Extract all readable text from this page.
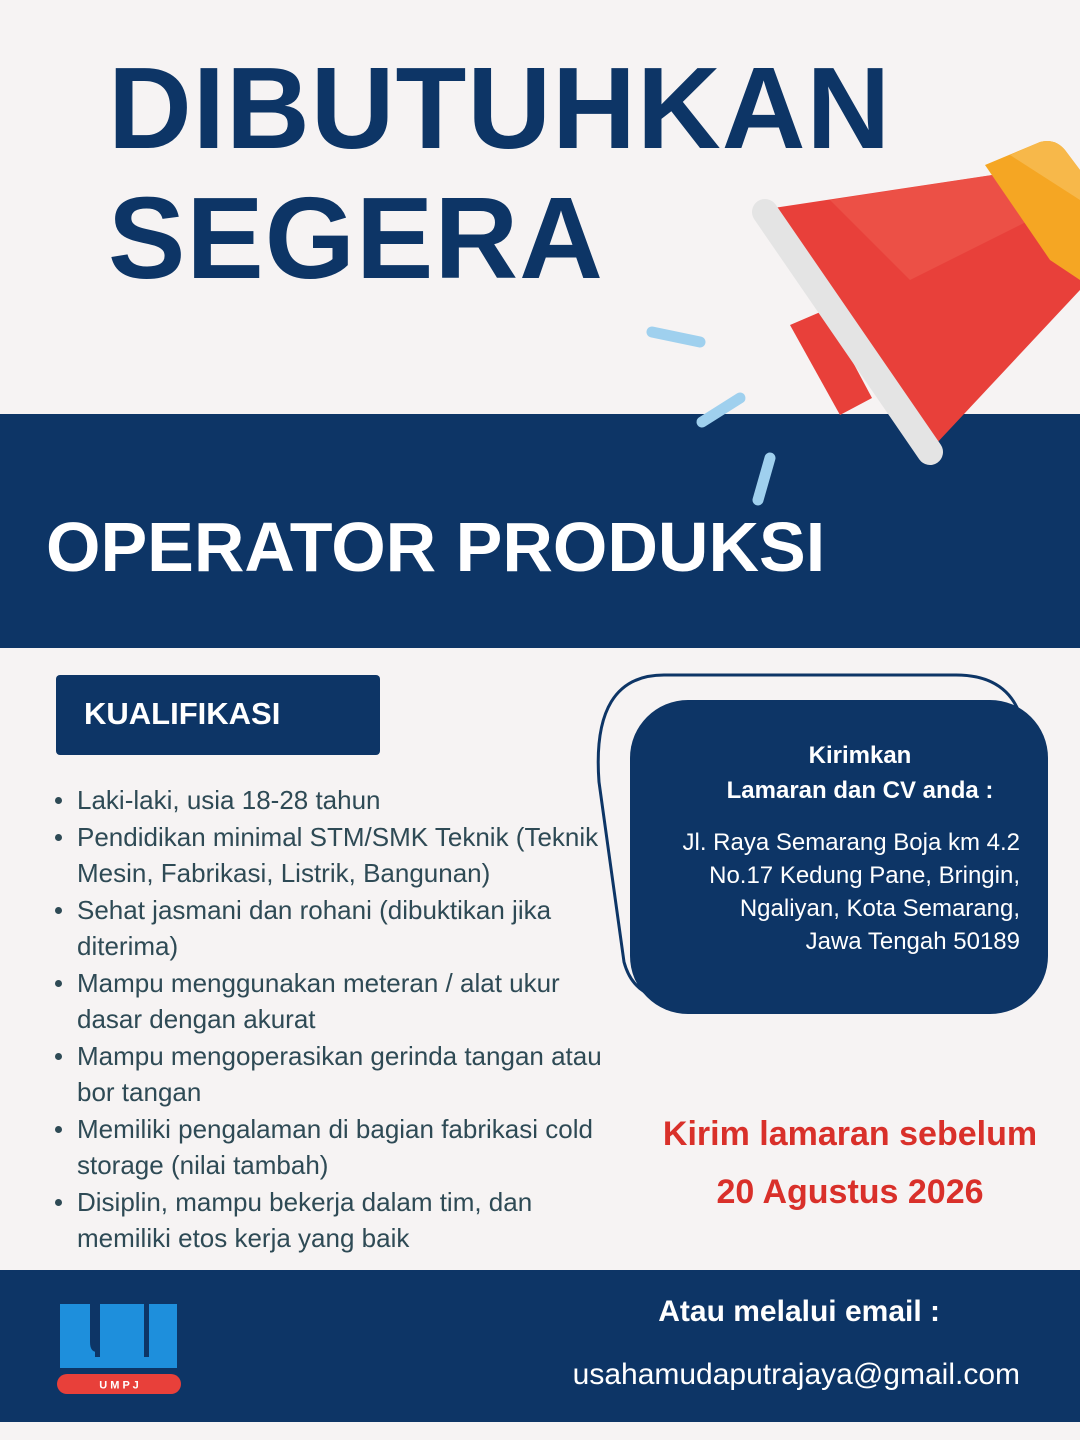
DIBUTUHKAN
SEGERA
OPERATOR PRODUKSI
KUALIFIKASI
Laki-laki, usia 18-28 tahun
Pendidikan minimal STM/SMK Teknik (Teknik Mesin, Fabrikasi, Listrik, Bangunan)
Sehat jasmani dan rohani (dibuktikan jika diterima)
Mampu menggunakan meteran / alat ukur dasar dengan akurat
Mampu mengoperasikan gerinda tangan atau bor tangan
Memiliki pengalaman di bagian fabrikasi cold storage (nilai tambah)
Disiplin, mampu bekerja dalam tim, dan memiliki etos kerja yang baik
Kirimkan
Lamaran dan CV anda :
Jl. Raya Semarang Boja km 4.2
No.17 Kedung Pane, Bringin,
Ngaliyan, Kota Semarang,
Jawa Tengah 50189
Kirim lamaran sebelum
20 Agustus 2026
U M P J
Atau melalui email :
usahamudaputrajaya@gmail.com
